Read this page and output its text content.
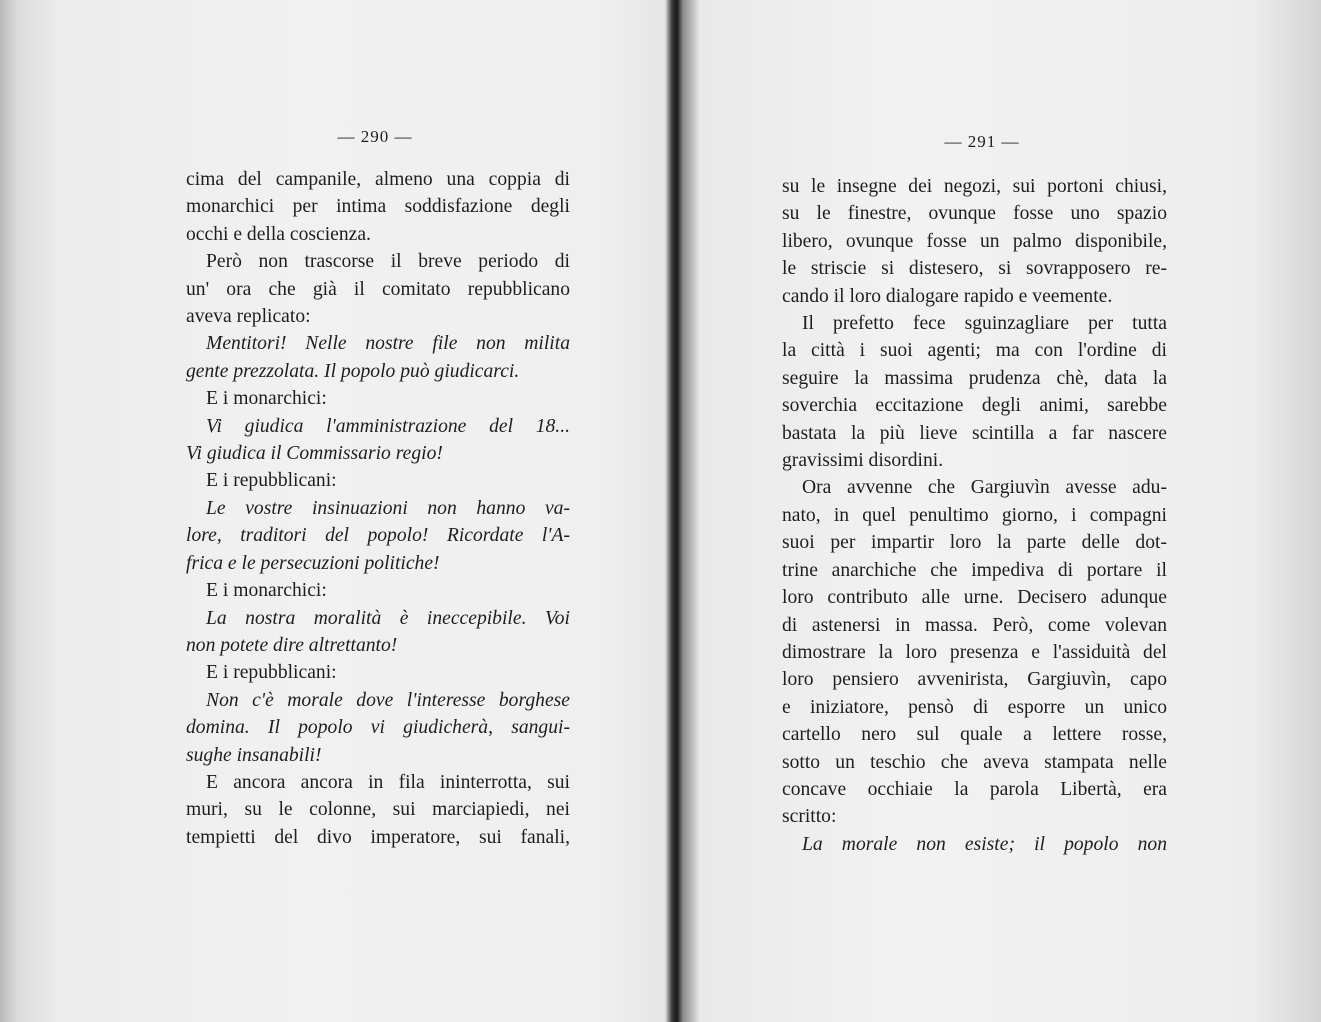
— 290 —
cima del campanile, almeno una coppia di
monarchici per intima soddisfazione degli
occhi e della coscienza.
Però non trascorse il breve periodo di
un' ora che già il comitato repubblicano
aveva replicato:
Mentitori! Nelle nostre file non milita
gente prezzolata. Il popolo può giudicarci.
E i monarchici:
Vi giudica l'amministrazione del 18...
Vi giudica il Commissario regio!
E i repubblicani:
Le vostre insinuazioni non hanno va-
lore, traditori del popolo! Ricordate l'A-
frica e le persecuzioni politiche!
E i monarchici:
La nostra moralità è ineccepibile. Voi
non potete dire altrettanto!
E i repubblicani:
Non c'è morale dove l'interesse borghese
domina. Il popolo vi giudicherà, sangui-
sughe insanabili!
E ancora ancora in fila ininterrotta, sui
muri, su le colonne, sui marciapiedi, nei
tempietti del divo imperatore, sui fanali,
— 291 —
su le insegne dei negozi, sui portoni chiusi,
su le finestre, ovunque fosse uno spazio
libero, ovunque fosse un palmo disponibile,
le striscie si distesero, si sovrapposero re-
cando il loro dialogare rapido e veemente.
Il prefetto fece sguinzagliare per tutta
la città i suoi agenti; ma con l'ordine di
seguire la massima prudenza chè, data la
soverchia eccitazione degli animi, sarebbe
bastata la più lieve scintilla a far nascere
gravissimi disordini.
Ora avvenne che Gargiuvìn avesse adu-
nato, in quel penultimo giorno, i compagni
suoi per impartir loro la parte delle dot-
trine anarchiche che impediva di portare il
loro contributo alle urne. Decisero adunque
di astenersi in massa. Però, come volevan
dimostrare la loro presenza e l'assiduità del
loro pensiero avvenirista, Gargiuvìn, capo
e iniziatore, pensò di esporre un unico
cartello nero sul quale a lettere rosse,
sotto un teschio che aveva stampata nelle
concave occhiaie la parola Libertà, era
scritto:
La morale non esiste; il popolo non
